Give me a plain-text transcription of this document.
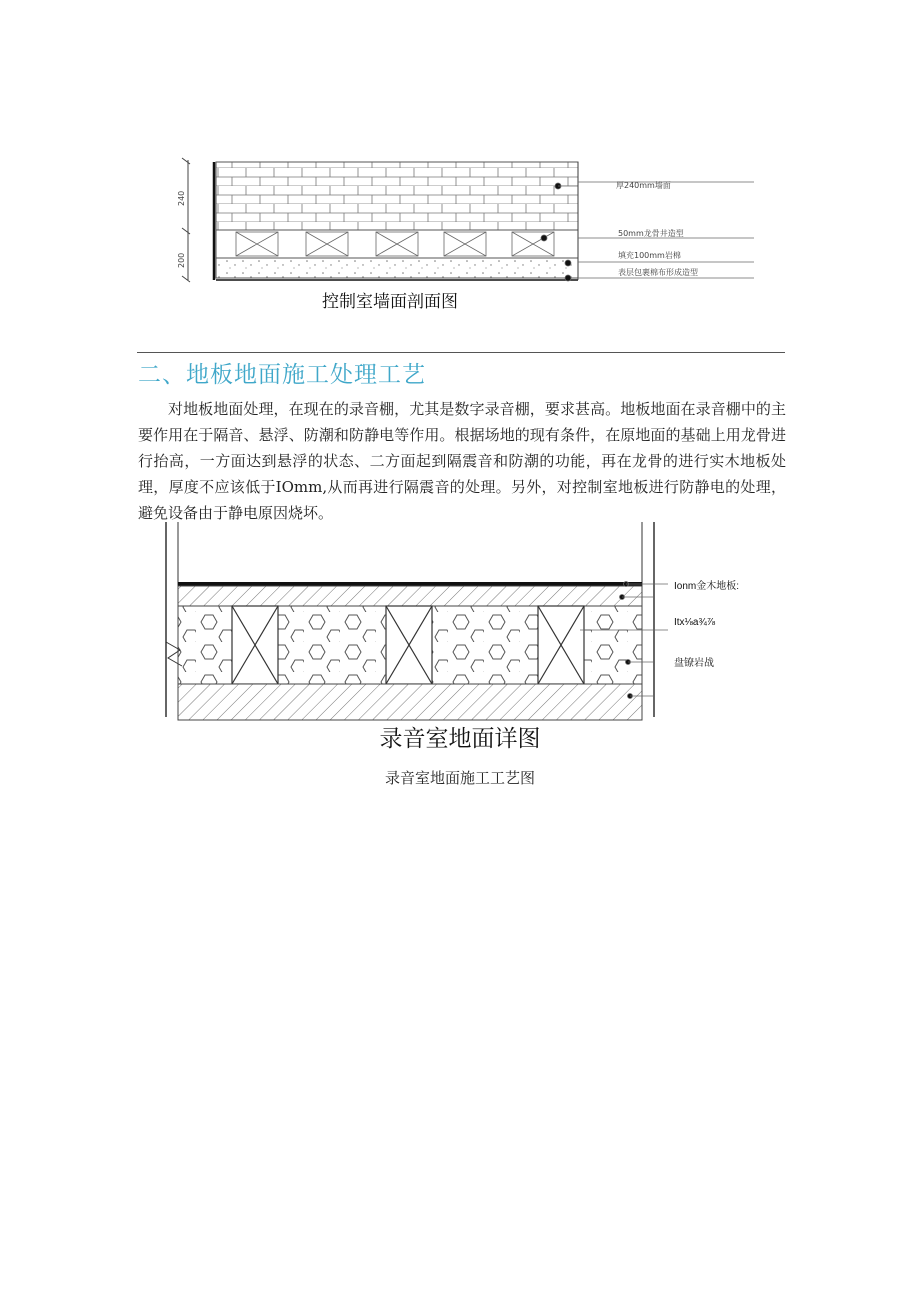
240
200
厚240mm墙面
50mm龙骨井造型
填充100mm岩棉
表层包裹棉布形成造型
控制室墙面剖面图
二、地板地面施工处理工艺
对地板地面处理，在现在的录音棚，尤其是数字录音棚，要求甚高。地板地面在录音棚中的主要作用在于隔音、悬浮、防潮和防静电等作用。根据场地的现有条件，在原地面的基础上用龙骨进行抬高，一方面达到悬浮的状态、二方面起到隔震音和防潮的功能，再在龙骨的进行实木地板处理，厚度不应该低于IOmm,从而再进行隔震音的处理。另外，对控制室地板进行防静电的处理，避免设备由于静电原因烧坏。
Ionm金木地板:
Itx⅛a¾⅞
盘镣岩战
录音室地面详图
录音室地面施工工艺图
